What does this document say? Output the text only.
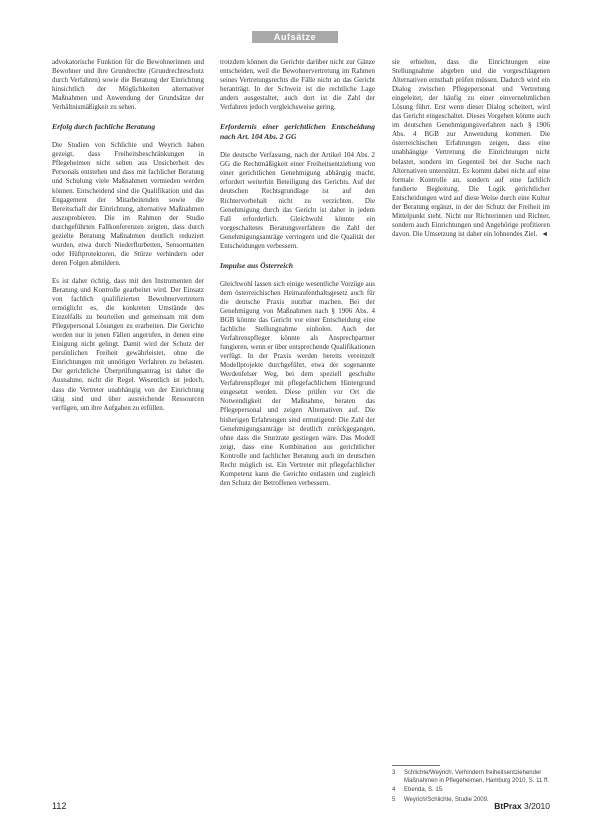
Aufsätze

advokatorische Funktion für die Bewohnerinnen und Bewohner und ihre Grundrechte (Grundrechteschutz durch Verfahren) sowie die Beratung der Einrichtung hinsichtlich der Möglichkeiten alternativer Maßnahmen und Anwendung der Grundsätze der Verhältnismäßigkeit zu sehen.

Erfolg durch fachliche Beratung

Die Studien von Schlichte und Weyrich haben gezeigt, dass Freiheitsbeschränkungen in Pflegeheimen nicht selten aus Unsicherheit des Personals entstehen und dass mit fachlicher Beratung und Schulung viele Maßnahmen vermieden werden können. Entscheidend sind die Qualifikation und das Engagement der Mitarbeitenden sowie die Bereitschaft der Einrichtung, alternative Maßnahmen auszuprobieren. Die im Rahmen der Studie durchgeführten Fallkonferenzen zeigten, dass durch gezielte Beratung Maßnahmen deutlich reduziert wurden, etwa durch Niederflurbetten, Sensormatten oder Hüftprotektoren, die Stürze verhindern oder deren Folgen abmildern.

Es ist daher richtig, dass mit den Instrumenten der Beratung und Kontrolle gearbeitet wird. Der Einsatz von fachlich qualifizierten Bewohnervertretern ermöglicht es, die konkreten Umstände des Einzelfalls zu beurteilen und gemeinsam mit dem Pflegepersonal Lösungen zu erarbeiten. Die Gerichte werden nur in jenen Fällen angerufen, in denen eine Einigung nicht gelingt. Damit wird der Schutz der persönlichen Freiheit gewährleistet, ohne die Einrichtungen mit unnötigen Verfahren zu belasten. Der gerichtliche Überprüfungsantrag ist daher die Ausnahme, nicht die Regel. Wesentlich ist jedoch, dass die Vertreter unabhängig von der Einrichtung tätig sind und über ausreichende Ressourcen verfügen, um ihre Aufgaben zu erfüllen.

trotzdem können die Gerichte darüber nicht zur Gänze entscheiden, weil die Bewohnervertretung im Rahmen seines Vertretungsrechts die Fälle nicht an das Gericht heranträgt. In der Schweiz ist die rechtliche Lage anders ausgestaltet, auch dort ist die Zahl der Verfahren jedoch vergleichsweise gering.

Erfordernis einer gerichtlichen Entscheidung nach Art. 104 Abs. 2 GG

Die deutsche Verfassung, nach der Artikel 104 Abs. 2 GG die Rechtmäßigkeit einer Freiheitsentziehung von einer gerichtlichen Genehmigung abhängig macht, erfordert weiterhin Beteiligung des Gerichts. Auf der deutschen Rechtsgrundlage ist auf den Richtervorbehalt nicht zu verzichten. Die Genehmigung durch das Gericht ist daher in jedem Fall erforderlich. Gleichwohl könnte ein vorgeschaltetes Beratungsverfahren die Zahl der Genehmigungsanträge verringern und die Qualität der Entscheidungen verbessern.

Impulse aus Österreich

Gleichwohl lassen sich einige wesentliche Vorzüge aus dem österreichischen Heimaufenthaltsgesetz auch für die deutsche Praxis nutzbar machen. Bei der Genehmigung von Maßnahmen nach § 1906 Abs. 4 BGB könnte das Gericht vor einer Entscheidung eine fachliche Stellungnahme einholen. Auch der Verfahrenspfleger könnte als Ansprechpartner fungieren, wenn er über entsprechende Qualifikationen verfügt. In der Praxis werden bereits vereinzelt Modellprojekte durchgeführt, etwa der sogenannte Werdenfelser Weg, bei dem speziell geschulte Verfahrenspfleger mit pflegefachlichem Hintergrund eingesetzt werden. Diese prüfen vor Ort die Notwendigkeit der Maßnahme, beraten das Pflegepersonal und zeigen Alternativen auf. Die bisherigen Erfahrungen sind ermutigend: Die Zahl der Genehmigungsanträge ist deutlich zurückgegangen, ohne dass die Sturzrate gestiegen wäre. Das Modell zeigt, dass eine Kombination aus gerichtlicher Kontrolle und fachlicher Beratung auch im deutschen Recht möglich ist. Ein Vertreter mit pflegefachlicher Kompetenz kann die Gerichte entlasten und zugleich den Schutz der Betroffenen verbessern.

sie erhielten, dass die Einrichtungen eine Stellungnahme abgeben und die vorgeschlagenen Alternativen ernsthaft prüfen müssen. Dadurch wird ein Dialog zwischen Pflegepersonal und Vertretung eingeleitet, der häufig zu einer einvernehmlichen Lösung führt. Erst wenn dieser Dialog scheitert, wird das Gericht eingeschaltet. Dieses Vorgehen könnte auch im deutschen Genehmigungsverfahren nach § 1906 Abs. 4 BGB zur Anwendung kommen. Die österreichischen Erfahrungen zeigen, dass eine unabhängige Vertretung die Einrichtungen nicht belastet, sondern im Gegenteil bei der Suche nach Alternativen unterstützt. Es kommt dabei nicht auf eine formale Kontrolle an, sondern auf eine fachlich fundierte Begleitung. Die Logik gerichtlicher Entscheidungen wird auf diese Weise durch eine Kultur der Beratung ergänzt, in der der Schutz der Freiheit im Mittelpunkt steht. Nicht nur Richterinnen und Richter, sondern auch Einrichtungen und Angehörige profitieren davon. Die Umsetzung ist daher ein lohnendes Ziel. ◄

3	Schlichte/Weyrich, Verhindern freiheitsentziehender Maßnahmen in Pflegeheimen, Hamburg 2010, S. 11 ff.
4	Ebenda, S. 15.
5	Weyrich/Schlichte, Studie 2009.
112	BtPrax 3/2010
